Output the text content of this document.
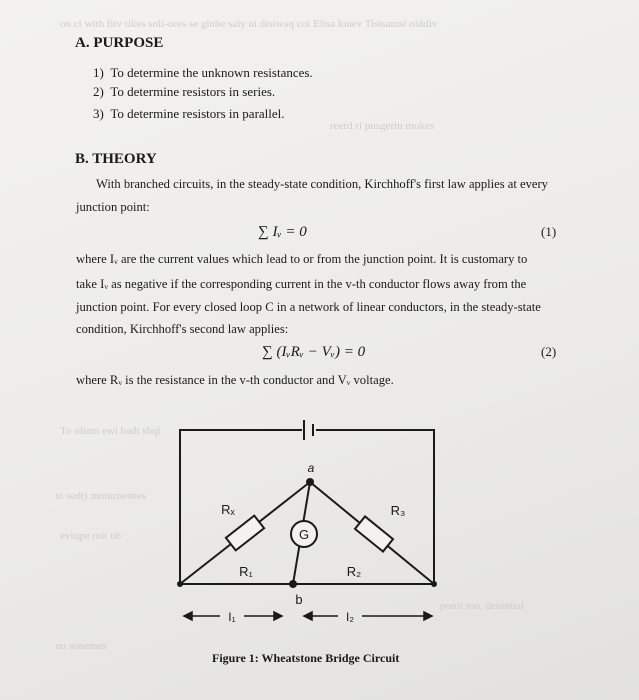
on ci with fitv tikes soli-ores se ginbe saiy ni disiwaq coi Elisa louev Tisisamsi oiddiv
reerd ri pusgerin mokes
To oliam ewi badt sbqi
to sedt) moturnesnes
evlupe roit ob
no sonemes
ponir mo, deninttal
A. PURPOSE
1) To determine the unknown resistances.
2) To determine resistors in series.
3) To determine resistors in parallel.
B. THEORY
With branched circuits, in the steady-state condition, Kirchhoff's first law applies at every
junction point:
∑ Iᵥ = 0	(1)
where Iᵥ are the current values which lead to or from the junction point. It is customary to
take Iᵥ as negative if the corresponding current in the v-th conductor flows away from the
junction point. For every closed loop C in a network of linear conductors, in the steady-state
condition, Kirchhoff's second law applies:
∑ (IᵥRᵥ − Vᵥ) = 0	(2)
where Rᵥ is the resistance in the v-th conductor and Vᵥ voltage.
G
a
b
Rₓ	R₃
R₁	R₂
I₁	I₂
Figure 1: Wheatstone Bridge Circuit
